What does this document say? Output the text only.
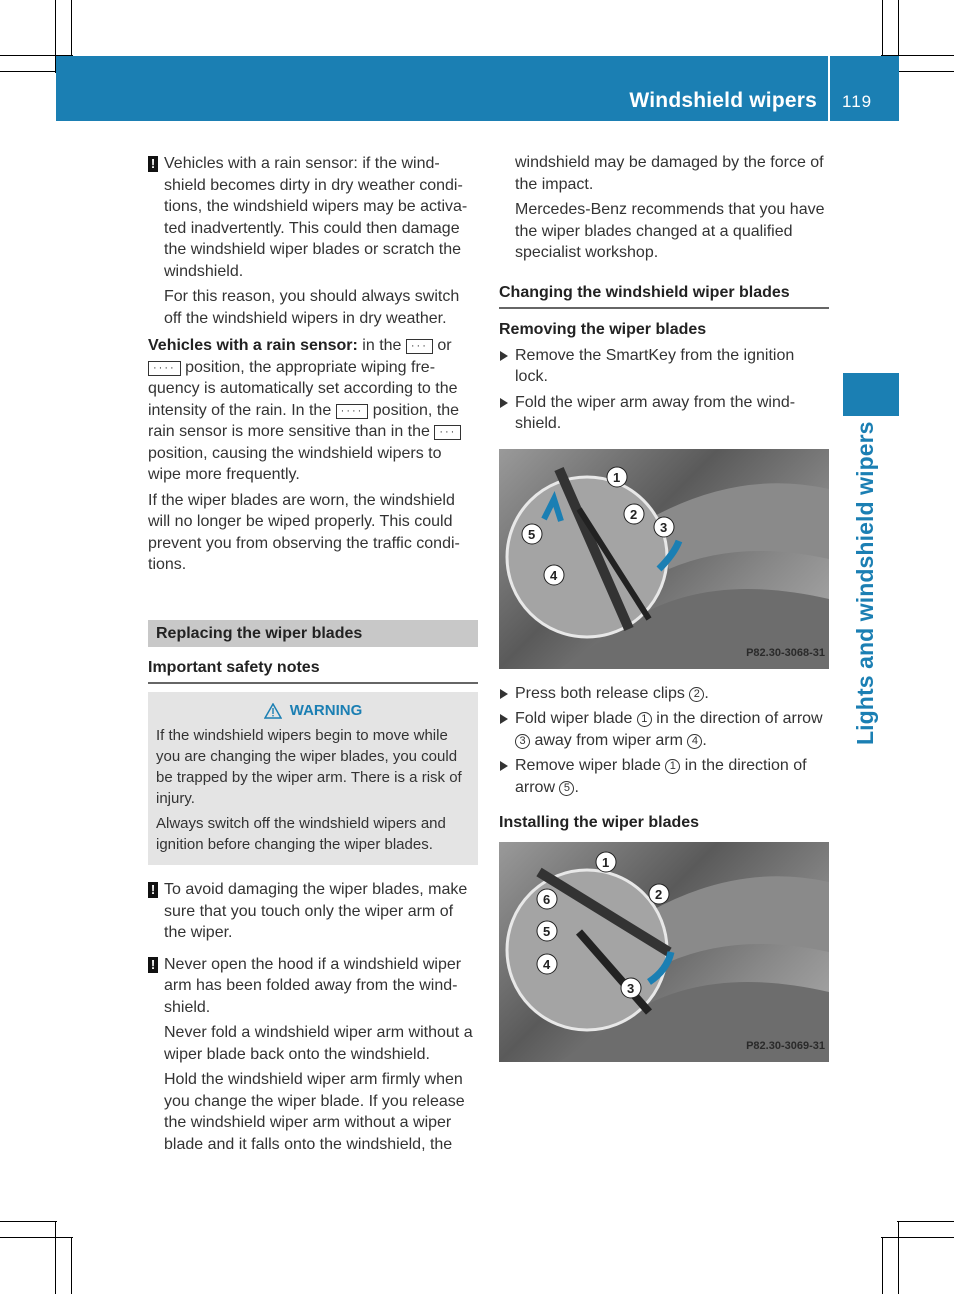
Windshield wipers 119
Lights and windshield wipers
! Vehicles with a rain sensor: if the wind- shield becomes dirty in dry weather condi- tions, the windshield wipers may be activa- ted inadvertently. This could then damage the windshield wiper blades or scratch the windshield.
For this reason, you should always switch off the windshield wipers in dry weather.
Vehicles with a rain sensor: in the ··· or ···· position, the appropriate wiping fre- quency is automatically set according to the intensity of the rain. In the ···· position, the rain sensor is more sensitive than in the ··· position, causing the windshield wipers to wipe more frequently.
If the wiper blades are worn, the windshield will no longer be wiped properly. This could prevent you from observing the traffic condi- tions.
Replacing the wiper blades
Important safety notes
WARNING
If the windshield wipers begin to move while you are changing the wiper blades, you could be trapped by the wiper arm. There is a risk of injury.
Always switch off the windshield wipers and ignition before changing the wiper blades.
! To avoid damaging the wiper blades, make sure that you touch only the wiper arm of the wiper.
! Never open the hood if a windshield wiper arm has been folded away from the wind- shield.
Never fold a windshield wiper arm without a wiper blade back onto the windshield.
Hold the windshield wiper arm firmly when you change the wiper blade. If you release the windshield wiper arm without a wiper blade and it falls onto the windshield, the
windshield may be damaged by the force of the impact.
Mercedes-Benz recommends that you have the wiper blades changed at a qualified specialist workshop.
Changing the windshield wiper blades
Removing the wiper blades
Remove the SmartKey from the ignition lock.
Fold the wiper arm away from the wind- shield.
1
2
3
4
5
P82.30-3068-31
Press both release clips 2 .
Fold wiper blade 1 in the direction of arrow 3 away from wiper arm 4 .
Remove wiper blade 1 in the direction of arrow 5 .
Installing the wiper blades
1
2
3
4
5
6
P82.30-3069-31
